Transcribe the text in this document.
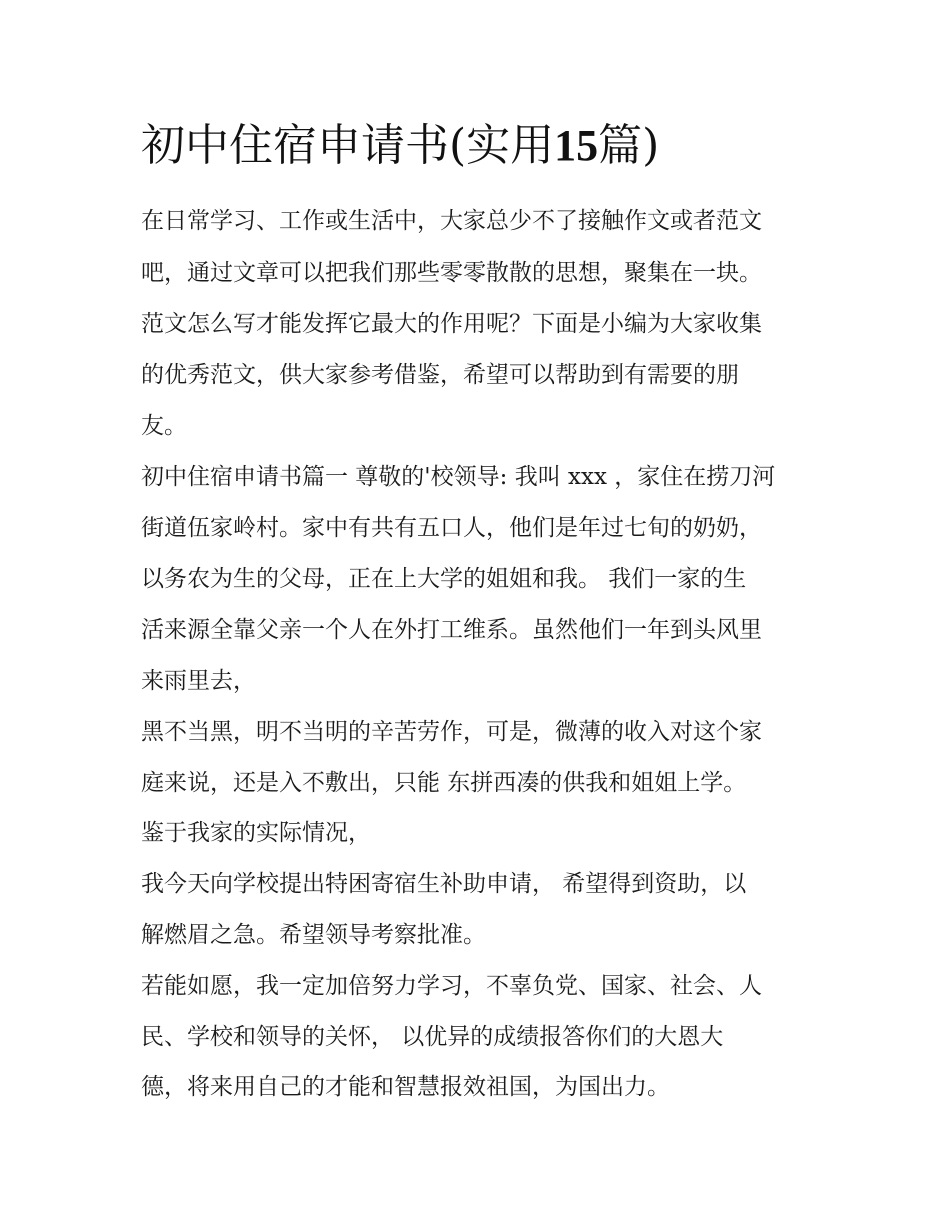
初中住宿申请书(实用15篇)

在日常学习、工作或生活中，大家总少不了接触作文或者范文

吧，通过文章可以把我们那些零零散散的思想，聚集在一块。

范文怎么写才能发挥它最大的作用呢？下面是小编为大家收集

的优秀范文，供大家参考借鉴，希望可以帮助到有需要的朋

友。

初中住宿申请书篇一 尊敬的'校领导: 我叫 xxx ，家住在捞刀河

街道伍家岭村。家中有共有五口人，他们是年过七旬的奶奶，

以务农为生的父母，正在上大学的姐姐和我。 我们一家的生

活来源全靠父亲一个人在外打工维系。虽然他们一年到头风里

来雨里去，

黑不当黑，明不当明的辛苦劳作，可是，微薄的收入对这个家

庭来说，还是入不敷出，只能 东拼西凑的供我和姐姐上学。

鉴于我家的实际情况，

我今天向学校提出特困寄宿生补助申请， 希望得到资助，以

解燃眉之急。希望领导考察批准。

若能如愿，我一定加倍努力学习，不辜负党、国家、社会、人

民、学校和领导的关怀， 以优异的成绩报答你们的大恩大

德，将来用自己的才能和智慧报效祖国，为国出力。
